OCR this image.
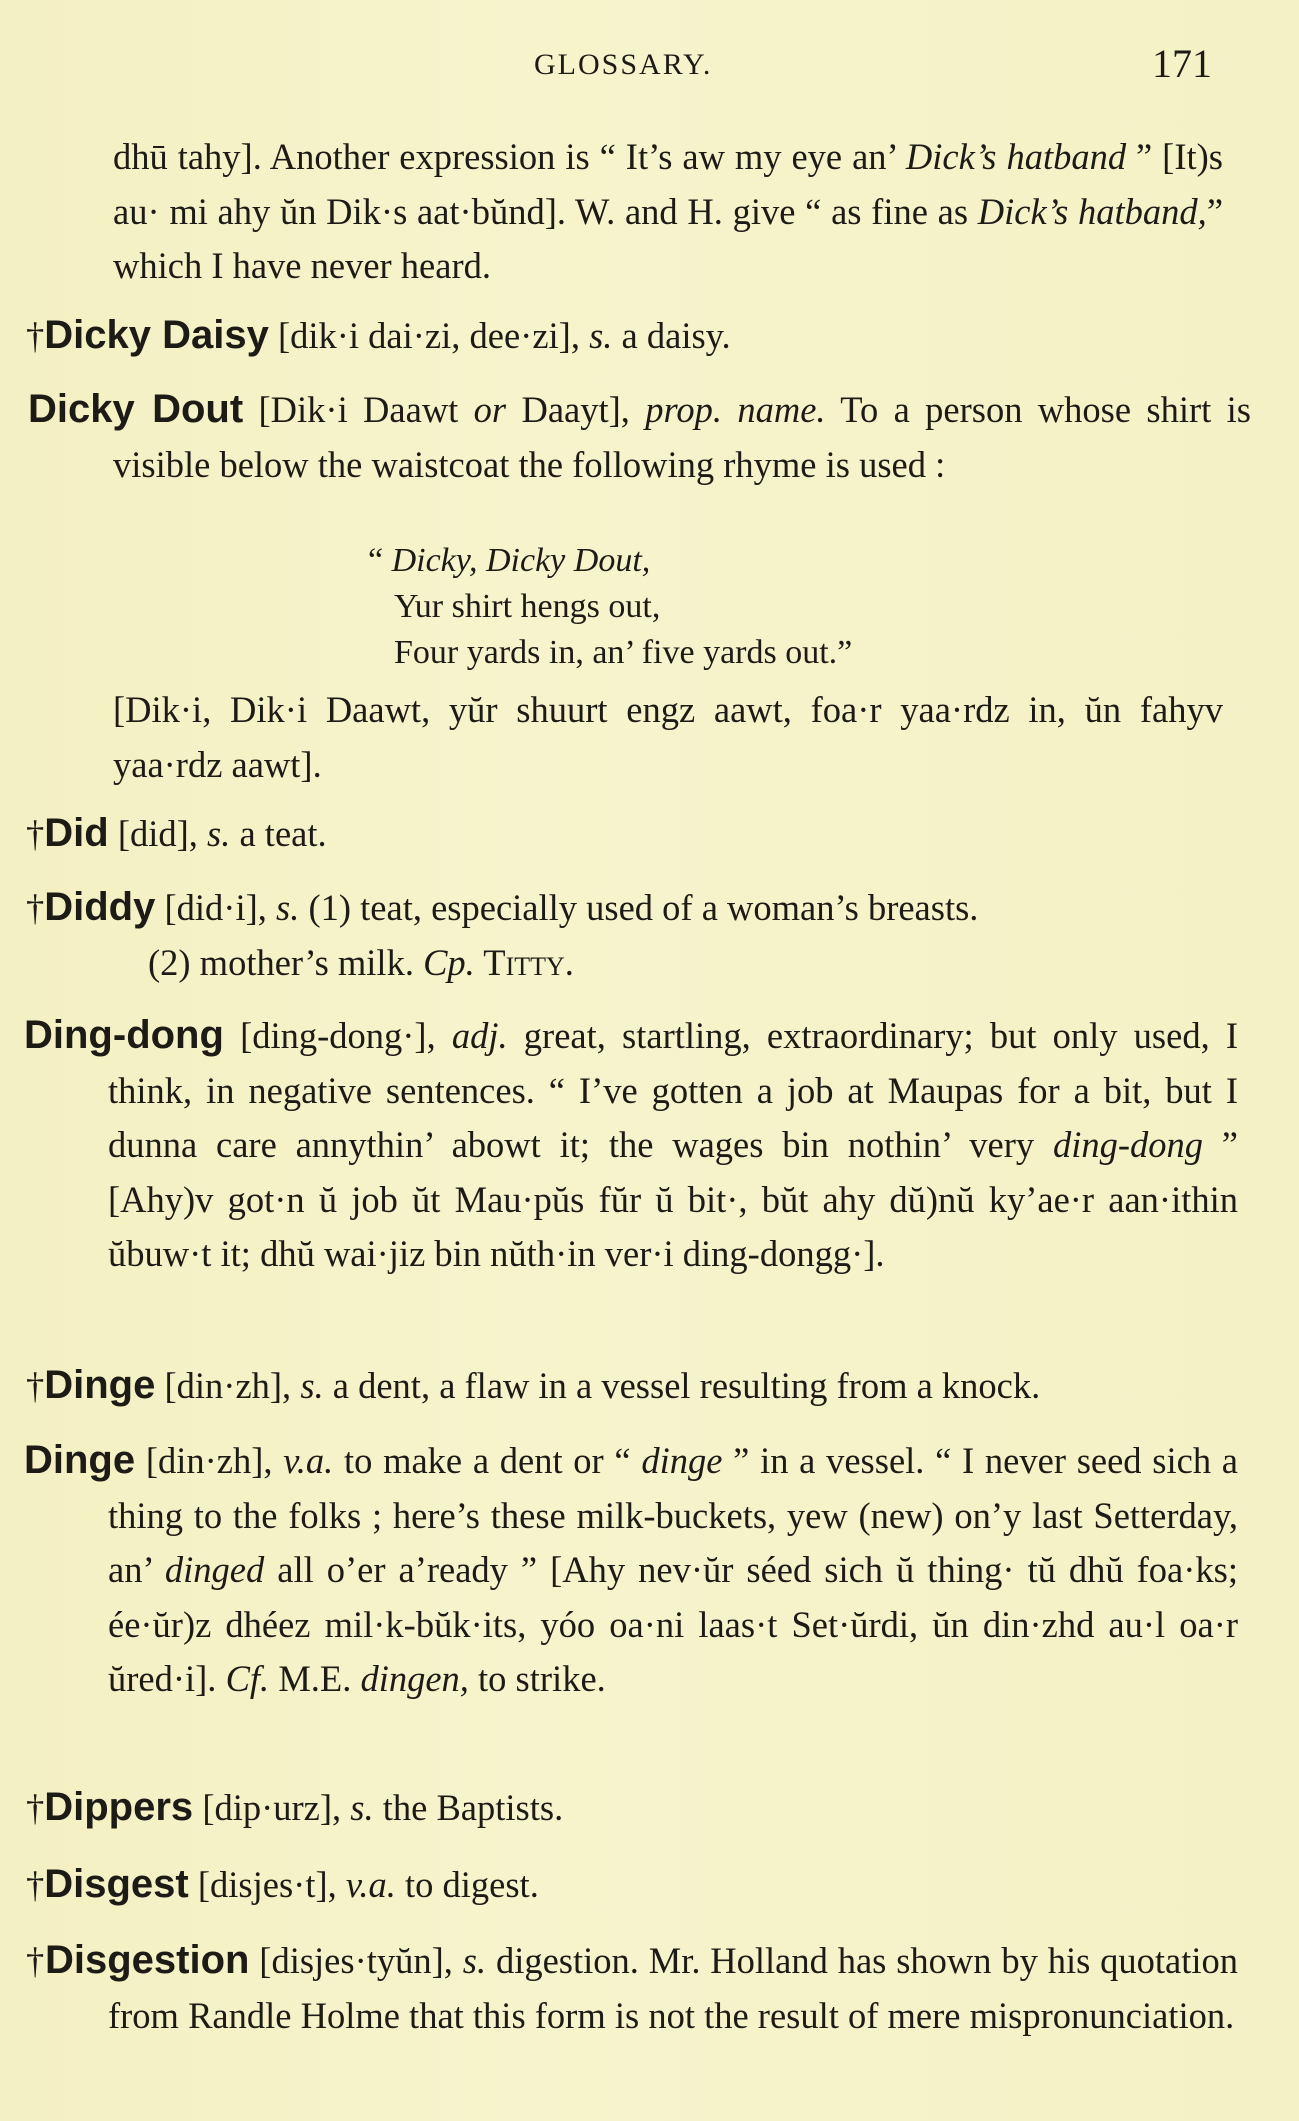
GLOSSARY.	171
dhū tahy]. Another expression is “ It’s aw my eye an’ Dick’s hatband ” [It)s au· mi ahy ŭn Dik·s aat·bŭnd]. W. and H. give “ as fine as Dick’s hatband,” which I have never heard.
†Dicky Daisy [dik·i dai·zi, dee·zi], s. a daisy.
Dicky Dout [Dik·i Daawt or Daayt], prop. name. To a person whose shirt is visible below the waistcoat the following rhyme is used :
“ Dicky, Dicky Dout,
Yur shirt hengs out,
Four yards in, an’ five yards out.”
[Dik·i, Dik·i Daawt, yŭr shuurt engz aawt, foa·r yaa·rdz in, ŭn fahyv yaa·rdz aawt].
†Did [did], s. a teat.
†Diddy [did·i], s. (1) teat, especially used of a woman’s breasts.
(2) mother’s milk. Cp. Titty.
Ding-dong [ding-dong·], adj. great, startling, extraordinary; but only used, I think, in negative sentences. “ I’ve gotten a job at Maupas for a bit, but I dunna care annythin’ abowt it; the wages bin nothin’ very ding-dong ” [Ahy)v got·n ŭ job ŭt Mau·pŭs fŭr ŭ bit·, bŭt ahy dŭ)nŭ ky’ae·r aan·ithin ŭbuw·t it; dhŭ wai·jiz bin nŭth·in ver·i ding-dongg·].
†Dinge [din·zh], s. a dent, a flaw in a vessel resulting from a knock.
Dinge [din·zh], v.a. to make a dent or “ dinge ” in a vessel. “ I never seed sich a thing to the folks ; here’s these milk-buckets, yew (new) on’y last Setterday, an’ dinged all o’er a’ready ” [Ahy nev·ŭr séed sich ŭ thing· tŭ dhŭ foa·ks; ée·ŭr)z dhéez mil·k-bŭk·its, yóo oa·ni laas·t Set·ŭrdi, ŭn din·zhd au·l oa·r ŭred·i]. Cf. M.E. dingen, to strike.
†Dippers [dip·urz], s. the Baptists.
†Disgest [disjes·t], v.a. to digest.
†Disgestion [disjes·tyŭn], s. digestion. Mr. Holland has shown by his quotation from Randle Holme that this form is not the result of mere mispronunciation.
